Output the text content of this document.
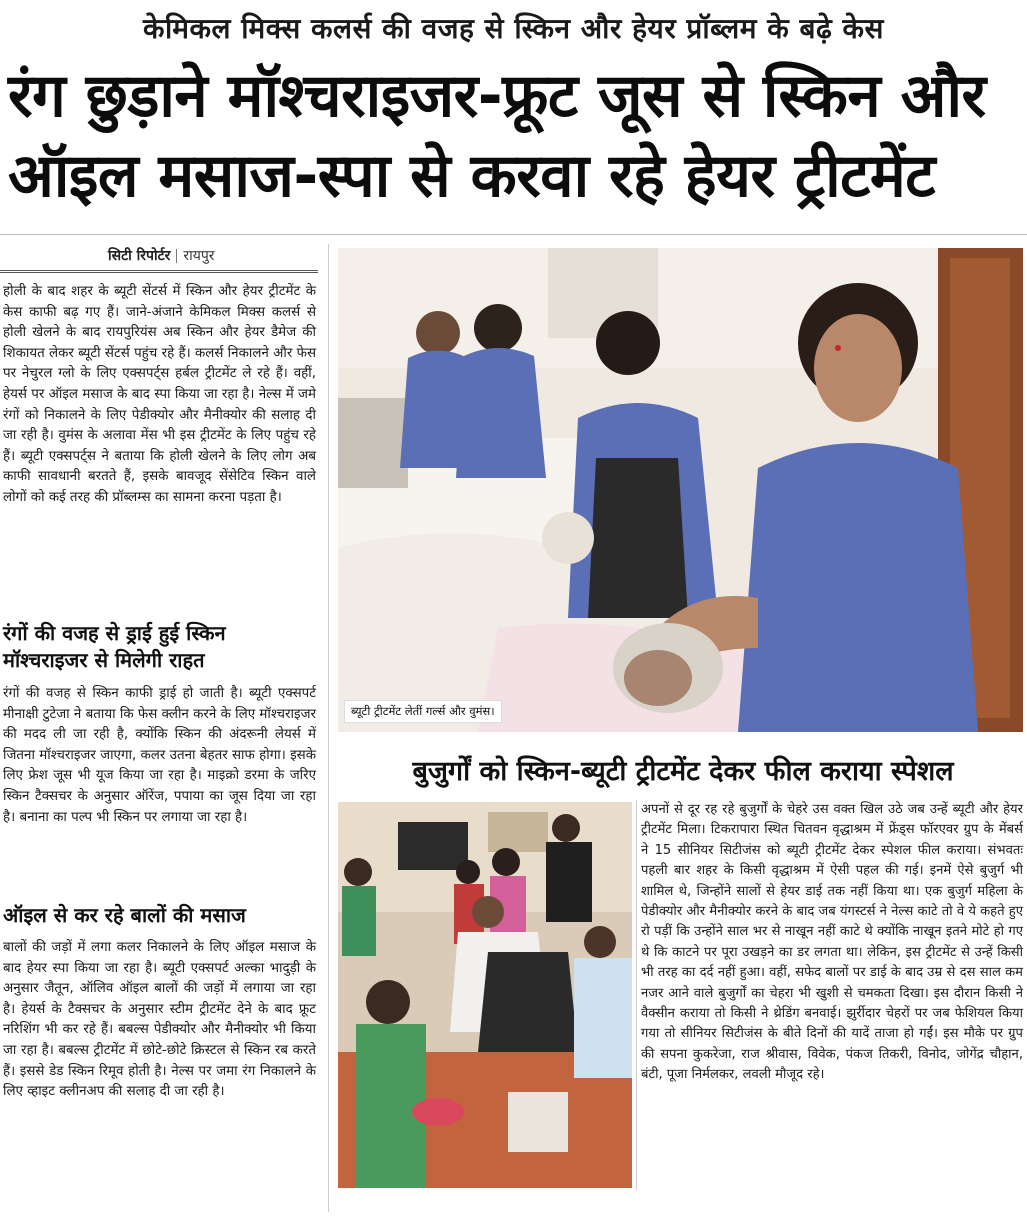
केमिकल मिक्स कलर्स की वजह से स्किन और हेयर प्रॉब्लम के बढ़े केस
रंग छुड़ाने मॉश्चराइजर-फ्रूट जूस से स्किन और
ऑइल मसाज-स्पा से करवा रहे हेयर ट्रीटमेंट
सिटी रिपोर्टर रायपुर

होली के बाद शहर के ब्यूटी सेंटर्स में स्किन और हेयर ट्रीटमेंट के केस काफी बढ़ गए हैं। जाने-अंजाने केमिकल मिक्स कलर्स से होली खेलने के बाद रायपुरियंस अब स्किन और हेयर डैमेज की शिकायत लेकर ब्यूटी सेंटर्स पहुंच रहे हैं। कलर्स निकालने और फेस पर नेचुरल ग्लो के लिए एक्सपर्ट्स हर्बल ट्रीटमेंट ले रहे हैं। वहीं, हेयर्स पर ऑइल मसाज के बाद स्पा किया जा रहा है। नेल्स में जमे रंगों को निकालने के लिए पेडीक्योर और मैनीक्योर की सलाह दी जा रही है। वुमंस के अलावा मेंस भी इस ट्रीटमेंट के लिए पहुंच रहे हैं। ब्यूटी एक्सपर्ट्स ने बताया कि होली खेलने के लिए लोग अब काफी सावधानी बरतते हैं, इसके बावजूद सेंसेटिव स्किन वाले लोगों को कई तरह की प्रॉब्लम्स का सामना करना पड़ता है।

रंगों की वजह से ड्राई हुई स्किन मॉश्चराइजर से मिलेगी राहत

रंगों की वजह से स्किन काफी ड्राई हो जाती है। ब्यूटी एक्सपर्ट मीनाक्षी टुटेजा ने बताया कि फेस क्लीन करने के लिए मॉश्चराइजर की मदद ली जा रही है, क्योंकि स्किन की अंदरूनी लेयर्स में जितना मॉश्चराइजर जाएगा, कलर उतना बेहतर साफ होगा। इसके लिए फ्रेश जूस भी यूज किया जा रहा है। माइक्रो डरमा के जरिए स्किन टैक्सचर के अनुसार ऑरेंज, पपाया का जूस दिया जा रहा है। बनाना का पल्प भी स्किन पर लगाया जा रहा है।

ऑइल से कर रहे बालों की मसाज

बालों की जड़ों में लगा कलर निकालने के लिए ऑइल मसाज के बाद हेयर स्पा किया जा रहा है। ब्यूटी एक्सपर्ट अल्का भादुड़ी के अनुसार जैतून, ऑलिव ऑइल बालों की जड़ों में लगाया जा रहा है। हेयर्स के टैक्सचर के अनुसार स्टीम ट्रीटमेंट देने के बाद फ्रूट नरिशिंग भी कर रहे हैं। बबल्स पेडीक्योर और मैनीक्योर भी किया जा रहा है। बबल्स ट्रीटमेंट में छोटे-छोटे क्रिस्टल से स्किन रब करते हैं। इससे डेड स्किन रिमूव होती है। नेल्स पर जमा रंग निकालने के लिए व्हाइट क्लीनअप की सलाह दी जा रही है।

ब्यूटी ट्रीटमेंट लेतीं गर्ल्स और वुमंस।
बुजुर्गों को स्किन-ब्यूटी ट्रीटमेंट देकर फील कराया स्पेशल

अपनों से दूर रह रहे बुजुर्गों के चेहरे उस वक्त खिल उठे जब उन्हें ब्यूटी और हेयर ट्रीटमेंट मिला। टिकरापारा स्थित चितवन वृद्धाश्रम में फ्रेंड्स फॉरएवर ग्रुप के मेंबर्स ने 15 सीनियर सिटीजंस को ब्यूटी ट्रीटमेंट देकर स्पेशल फील कराया। संभवतः पहली बार शहर के किसी वृद्धाश्रम में ऐसी पहल की गई। इनमें ऐसे बुजुर्ग भी शामिल थे, जिन्होंने सालों से हेयर डाई तक नहीं किया था। एक बुजुर्ग महिला के पेडीक्योर और मैनीक्योर करने के बाद जब यंगस्टर्स ने नेल्स काटे तो वे ये कहते हुए रो पड़ीं कि उन्होंने साल भर से नाखून नहीं काटे थे क्योंकि नाखून इतने मोटे हो गए थे कि काटने पर पूरा उखड़ने का डर लगता था। लेकिन, इस ट्रीटमेंट से उन्हें किसी भी तरह का दर्द नहीं हुआ। वहीं, सफेद बालों पर डाई के बाद उम्र से दस साल कम नजर आने वाले बुजुर्गों का चेहरा भी खुशी से चमकता दिखा। इस दौरान किसी ने वैक्सीन कराया तो किसी ने थ्रेडिंग बनवाई। झुर्रीदार चेहरों पर जब फेशियल किया गया तो सीनियर सिटीजंस के बीते दिनों की यादें ताजा हो गईं। इस मौके पर ग्रुप की सपना कुकरेजा, राज श्रीवास, विवेक, पंकज तिकरी, विनोद, जोगेंद्र चौहान, बंटी, पूजा निर्मलकर, लवली मौजूद रहे।
